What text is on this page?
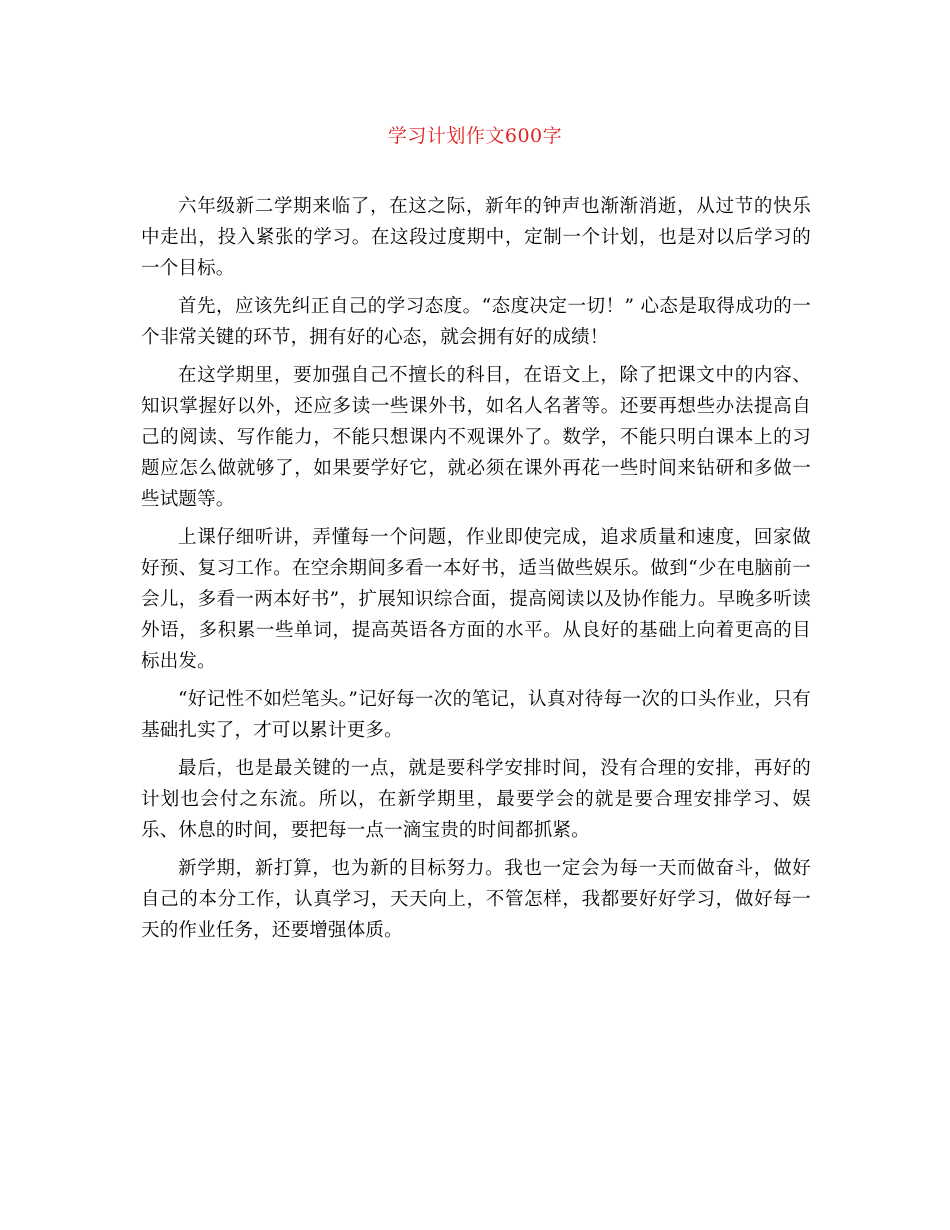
学习计划作文600字

六年级新二学期来临了，在这之际，新年的钟声也渐渐消逝，从过节的快乐中走出，投入紧张的学习。在这段过度期中，定制一个计划，也是对以后学习的一个目标。

首先，应该先纠正自己的学习态度。“态度决定一切！” 心态是取得成功的一个非常关键的环节，拥有好的心态，就会拥有好的成绩！

在这学期里，要加强自己不擅长的科目，在语文上，除了把课文中的内容、知识掌握好以外，还应多读一些课外书，如名人名著等。还要再想些办法提高自己的阅读、写作能力，不能只想课内不观课外了。数学，不能只明白课本上的习题应怎么做就够了，如果要学好它，就必须在课外再花一些时间来钻研和多做一些试题等。

上课仔细听讲，弄懂每一个问题，作业即使完成，追求质量和速度，回家做好预、复习工作。在空余期间多看一本好书，适当做些娱乐。做到“少在电脑前一会儿，多看一两本好书”，扩展知识综合面，提高阅读以及协作能力。早晚多听读外语，多积累一些单词，提高英语各方面的水平。从良好的基础上向着更高的目标出发。

“好记性不如烂笔头。”记好每一次的笔记，认真对待每一次的口头作业，只有基础扎实了，才可以累计更多。

最后，也是最关键的一点，就是要科学安排时间，没有合理的安排，再好的计划也会付之东流。所以，在新学期里，最要学会的就是要合理安排学习、娱乐、休息的时间，要把每一点一滴宝贵的时间都抓紧。

新学期，新打算，也为新的目标努力。我也一定会为每一天而做奋斗，做好自己的本分工作，认真学习，天天向上，不管怎样，我都要好好学习，做好每一天的作业任务，还要增强体质。
